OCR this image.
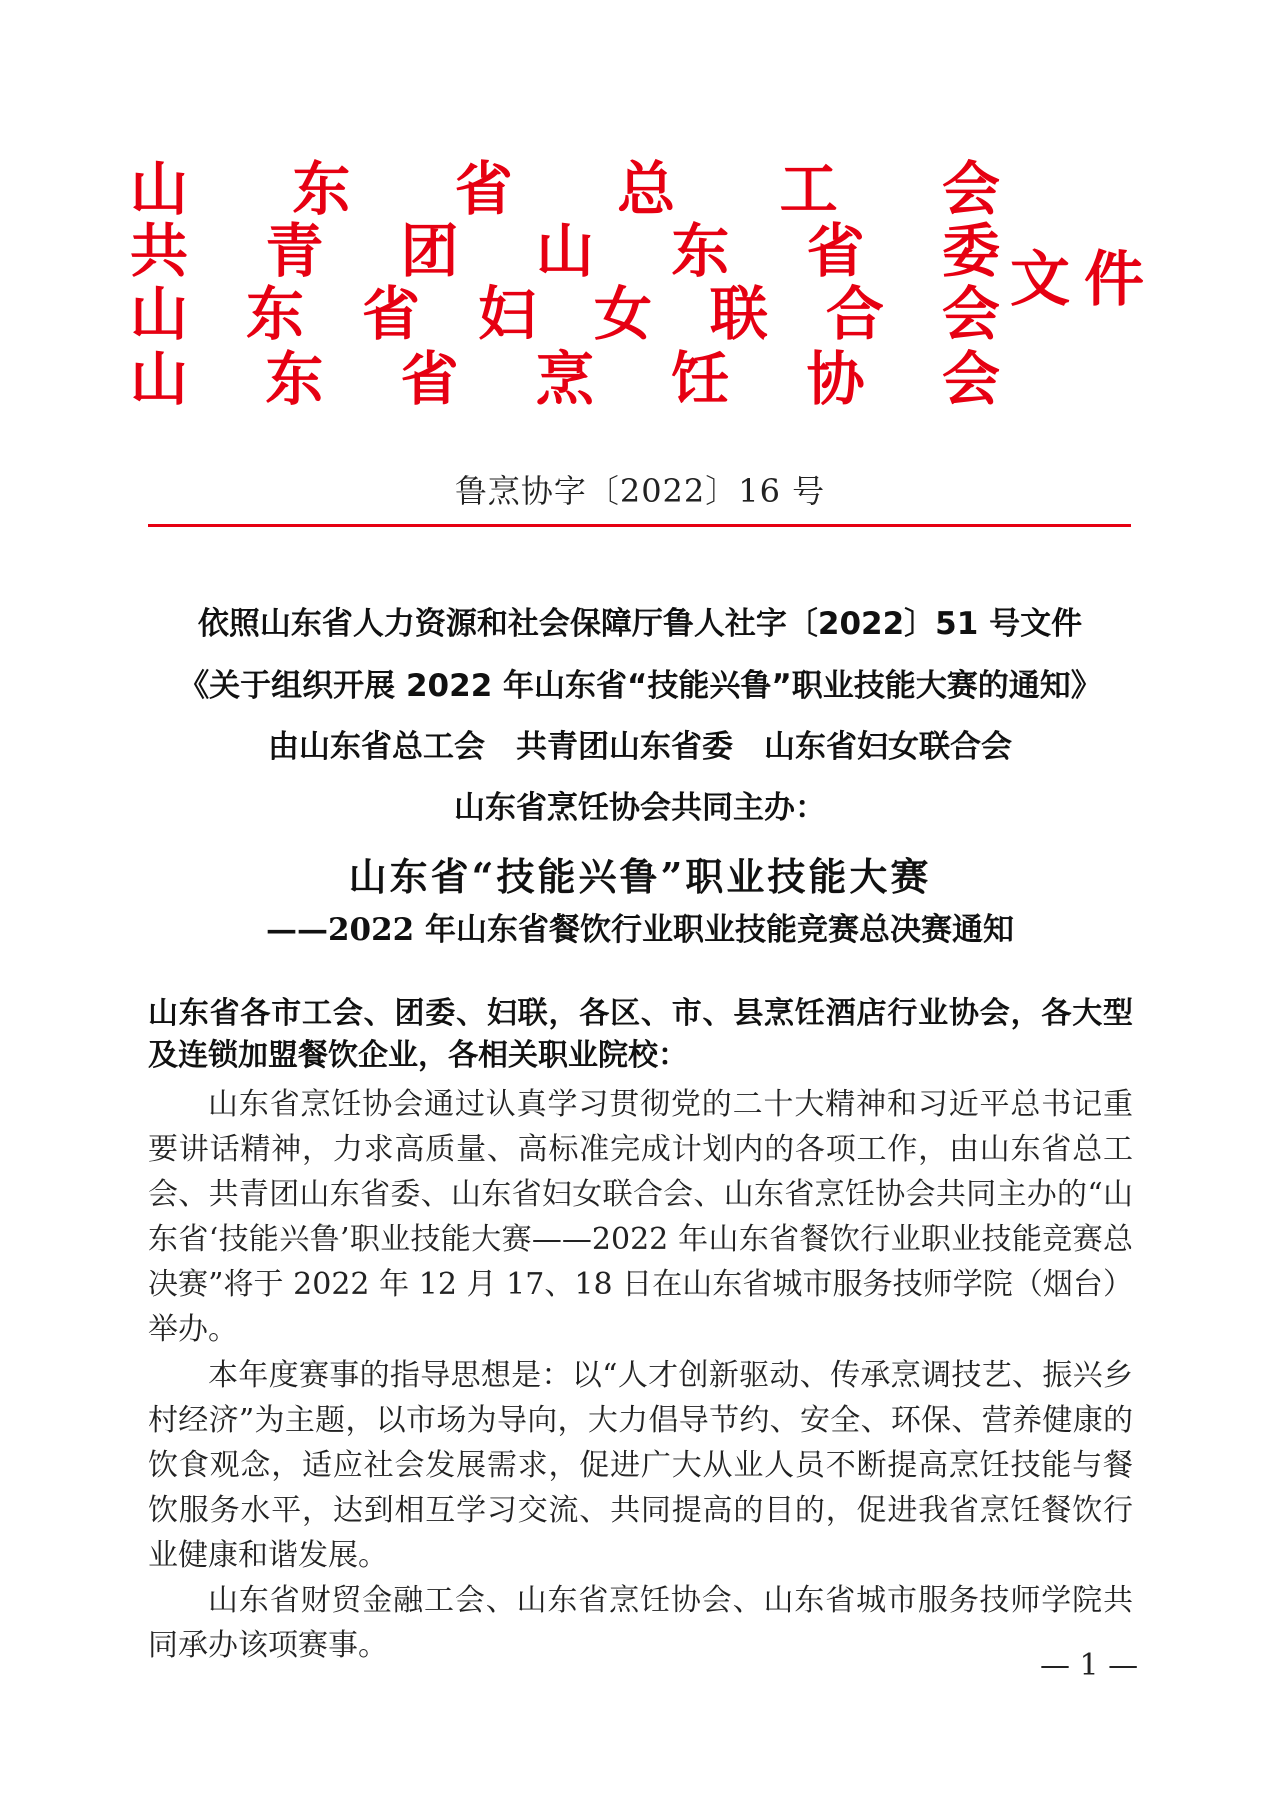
山 东 省 总 工 会
共 青 团 山 东 省 委
山 东 省 妇 女 联 合 会
山 东 省 烹 饪 协 会
文件
鲁烹协字〔2022〕16 号
依照山东省人力资源和社会保障厅鲁人社字〔2022〕51 号文件
《关于组织开展 2022 年山东省“技能兴鲁”职业技能大赛的通知》
由山东省总工会　共青团山东省委　山东省妇女联合会
山东省烹饪协会共同主办：
山东省“技能兴鲁”职业技能大赛
——2022 年山东省餐饮行业职业技能竞赛总决赛通知
山东省各市工会、团委、妇联，各区、市、县烹饪酒店行业协会，各大型及连锁加盟餐饮企业，各相关职业院校：
山东省烹饪协会通过认真学习贯彻党的二十大精神和习近平总书记重要讲话精神，力求高质量、高标准完成计划内的各项工作，由山东省总工会、共青团山东省委、山东省妇女联合会、山东省烹饪协会共同主办的“山东省‘技能兴鲁’职业技能大赛——2022 年山东省餐饮行业职业技能竞赛总决赛”将于 2022 年 12 月 17、18 日在山东省城市服务技师学院（烟台）举办。
本年度赛事的指导思想是：以“人才创新驱动、传承烹调技艺、振兴乡村经济”为主题，以市场为导向，大力倡导节约、安全、环保、营养健康的饮食观念，适应社会发展需求，促进广大从业人员不断提高烹饪技能与餐饮服务水平，达到相互学习交流、共同提高的目的，促进我省烹饪餐饮行业健康和谐发展。
山东省财贸金融工会、山东省烹饪协会、山东省城市服务技师学院共同承办该项赛事。
— 1 —
